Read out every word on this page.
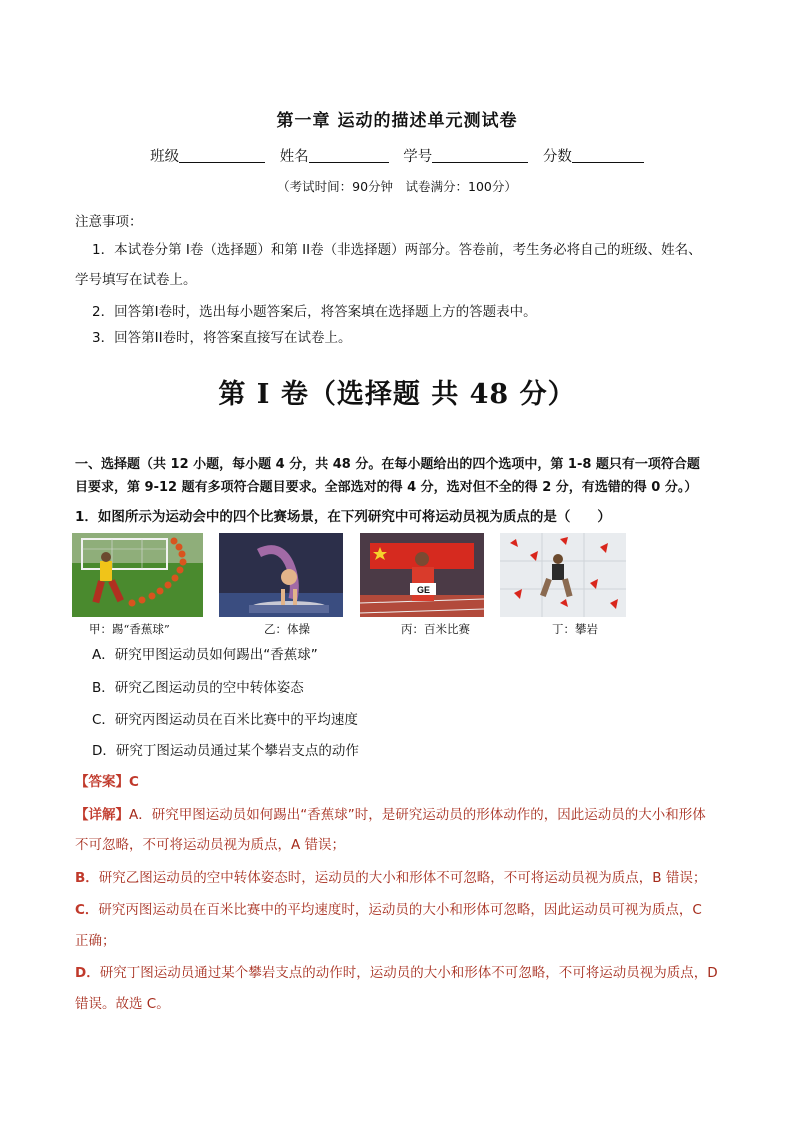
第一章 运动的描述单元测试卷
班级	姓名	学号	分数
（考试时间：90分钟　试卷满分：100分）
注意事项：
1．本试卷分第 I卷（选择题）和第 II卷（非选择题）两部分。答卷前，考生务必将自己的班级、姓名、
学号填写在试卷上。
2．回答第I卷时，选出每小题答案后，将答案填在选择题上方的答题表中。
3．回答第II卷时，将答案直接写在试卷上。
第 I 卷（选择题 共 48 分）
一、选择题（共 12 小题，每小题 4 分，共 48 分。在每小题给出的四个选项中，第 1-8 题只有一项符合题
目要求，第 9-12 题有多项符合题目要求。全部选对的得 4 分，选对但不全的得 2 分，有选错的得 0 分。）
1．如图所示为运动会中的四个比赛场景，在下列研究中可将运动员视为质点的是（　　）
GE
甲：踢“香蕉球”	乙：体操	丙：百米比赛	丁：攀岩
A．研究甲图运动员如何踢出“香蕉球”
B．研究乙图运动员的空中转体姿态
C．研究丙图运动员在百米比赛中的平均速度
D．研究丁图运动员通过某个攀岩支点的动作
【答案】C
【详解】A．研究甲图运动员如何踢出“香蕉球”时，是研究运动员的形体动作的，因此运动员的大小和形体
不可忽略，不可将运动员视为质点，A 错误；
B．研究乙图运动员的空中转体姿态时，运动员的大小和形体不可忽略，不可将运动员视为质点，B 错误；
C．研究丙图运动员在百米比赛中的平均速度时，运动员的大小和形体可忽略，因此运动员可视为质点，C
正确；
D．研究丁图运动员通过某个攀岩支点的动作时，运动员的大小和形体不可忽略，不可将运动员视为质点，D
错误。故选 C。
